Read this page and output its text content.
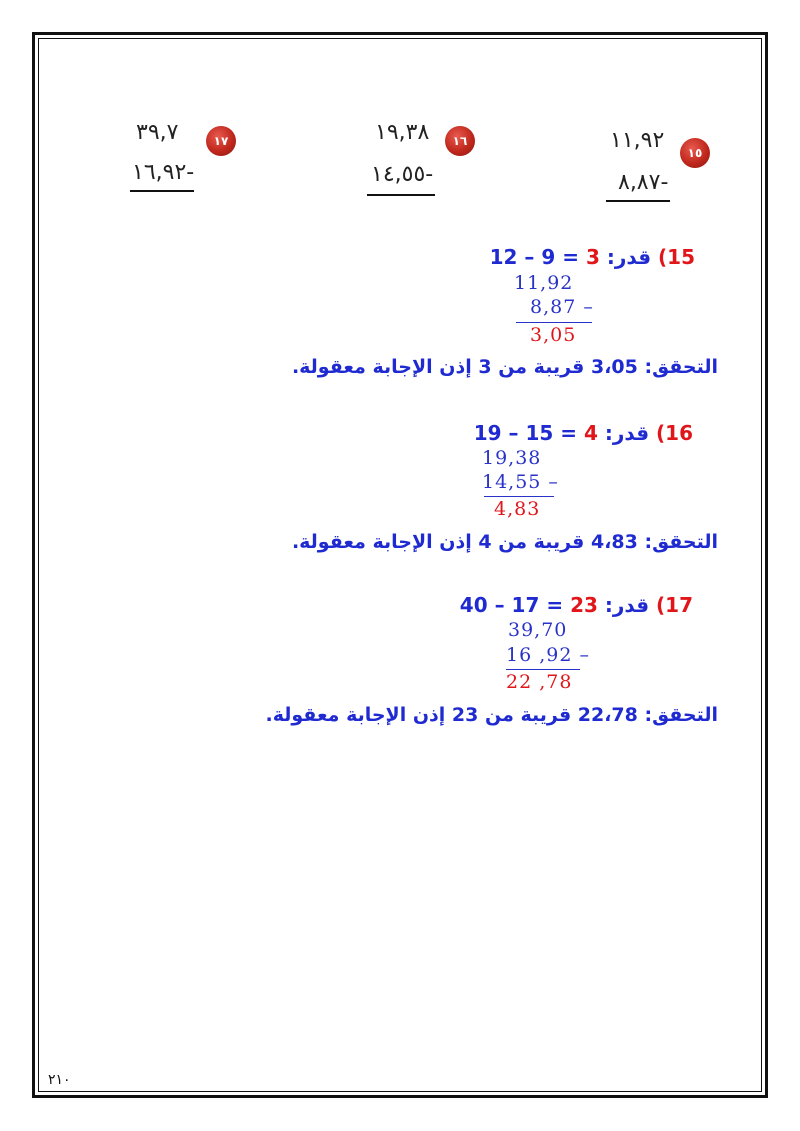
١٥
١١,٩٢
٨,٨٧-
١٦
١٩,٣٨
١٤,٥٥-
١٧
٣٩,٧
١٦,٩٢-
15) قدر: 12 – 9 = 3
11,92
8,87 –
3,05
التحقق: 3،05 قريبة من 3 إذن الإجابة معقولة.
16) قدر: 19 – 15 = 4
19,38
14,55 –
4,83
التحقق: 4،83 قريبة من 4 إذن الإجابة معقولة.
17) قدر: 40 – 17 = 23
39,70
16 ,92 –
22 ,78
التحقق: 22،78 قريبة من 23 إذن الإجابة معقولة.
٢١٠
